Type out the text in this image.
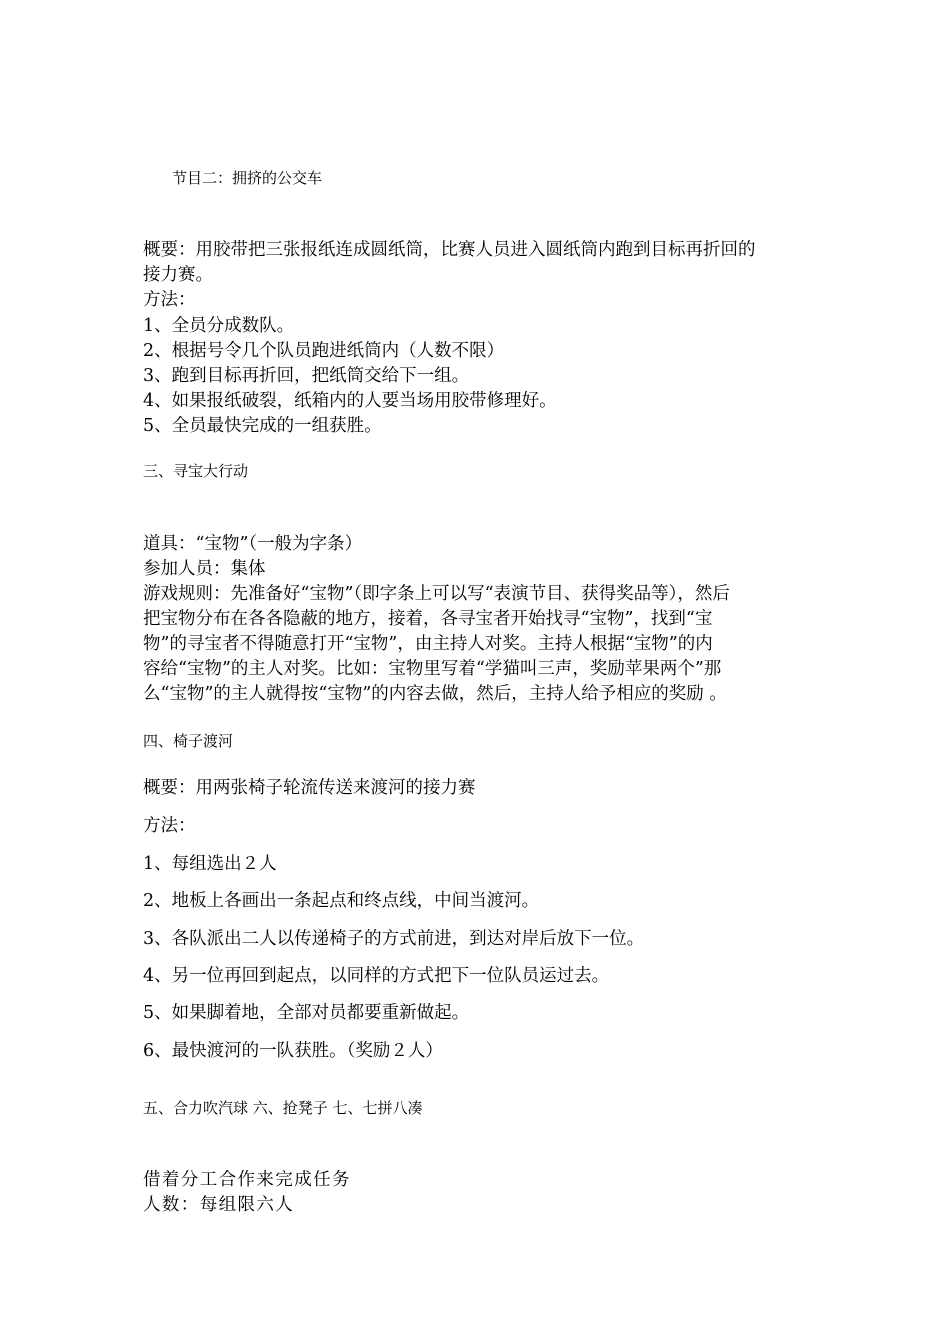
节目二：拥挤的公交车
概要：用胶带把三张报纸连成圆纸筒，比赛人员进入圆纸筒内跑到目标再折回的
接力赛。
方法：
1、全员分成数队。
2、根据号令几个队员跑进纸筒内（人数不限）
3、跑到目标再折回，把纸筒交给下一组。
4、如果报纸破裂，纸箱内的人要当场用胶带修理好。
5、全员最快完成的一组获胜。
三、寻宝大行动
道具：“宝物”（一般为字条）
参加人员：集体
游戏规则：先准备好“宝物”（即字条上可以写“表演节目、获得奖品等），然后
把宝物分布在各各隐蔽的地方，接着，各寻宝者开始找寻“宝物”，找到“宝
物”的寻宝者不得随意打开“宝物”，由主持人对奖。主持人根据“宝物”的内
容给“宝物”的主人对奖。比如：宝物里写着“学猫叫三声，奖励苹果两个”那
么“宝物”的主人就得按“宝物”的内容去做，然后，主持人给予相应的奖励 。
四、椅子渡河
概要：用两张椅子轮流传送来渡河的接力赛
方法：
1、每组选出２人
2、地板上各画出一条起点和终点线，中间当渡河。
3、各队派出二人以传递椅子的方式前进，到达对岸后放下一位。
4、另一位再回到起点，以同样的方式把下一位队员运过去。
5、如果脚着地，全部对员都要重新做起。
6、最快渡河的一队获胜。（奖励２人）
五、合力吹汽球 六、抢凳子 七、七拼八凑
借着分工合作来完成任务
人数：每组限六人
